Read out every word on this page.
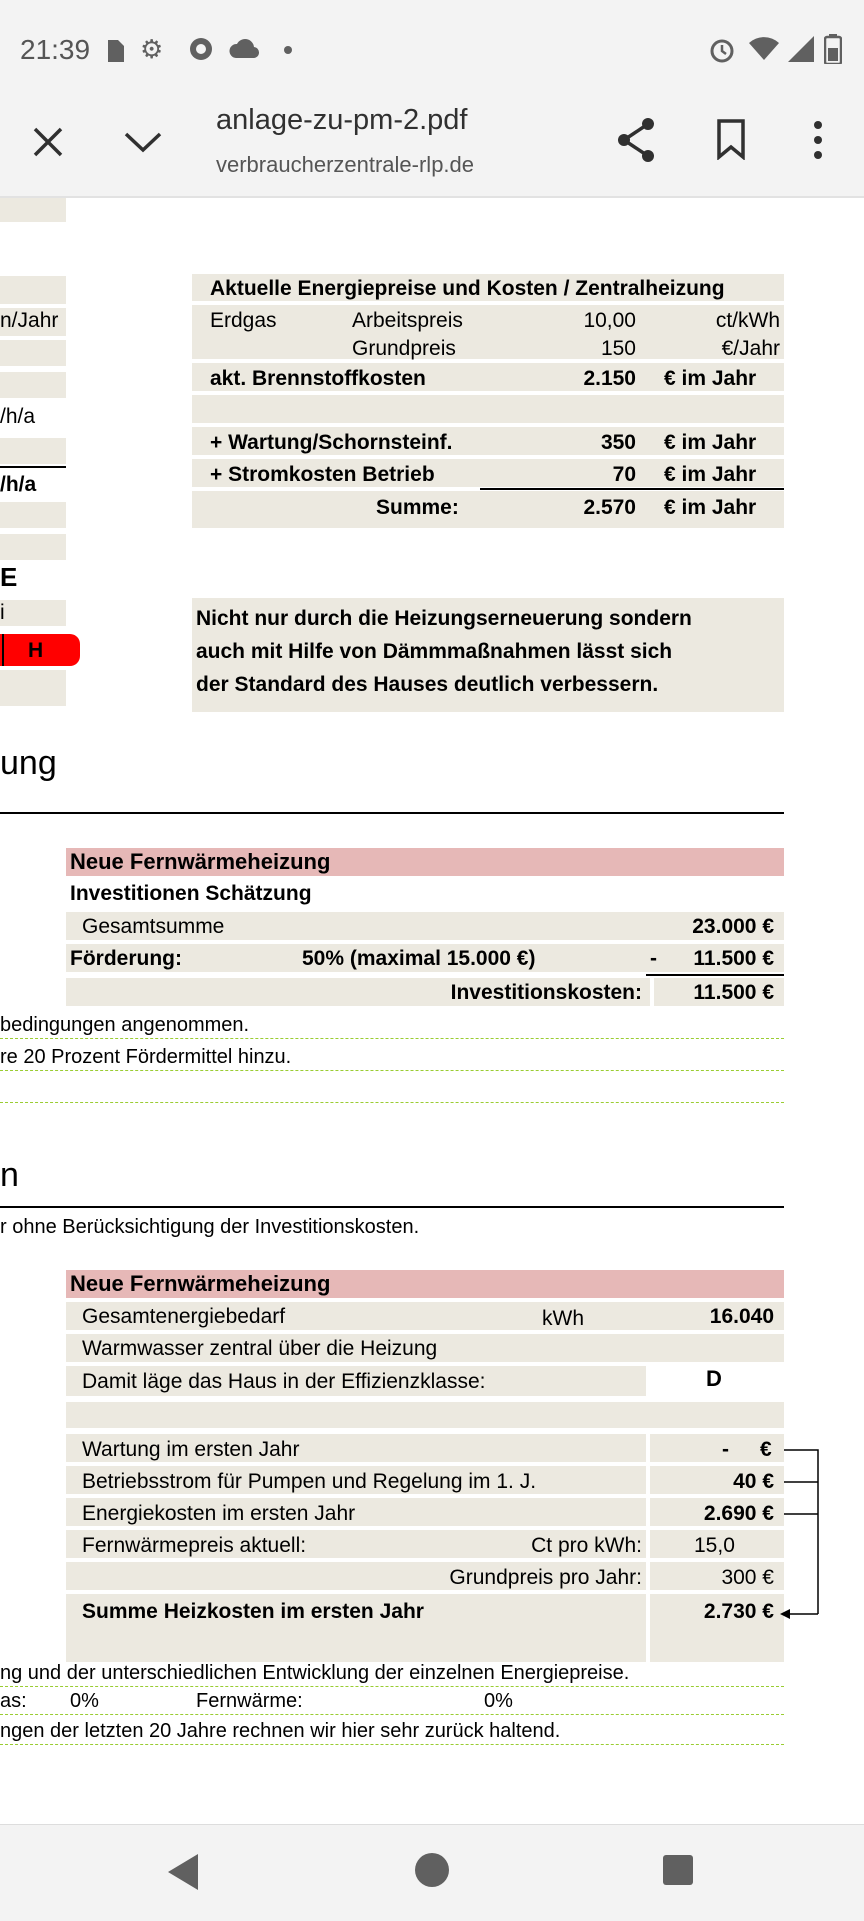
21:39 ⚙
anlage-zu-pm-2.pdf
verbraucherzentrale-rlp.de
n/Jahr
/h/a
/h/a
E
i
H
Aktuelle Energiepreise und Kosten / Zentralheizung
Erdgas	Arbeitspreis	10,00	ct/kWh
Grundpreis	150	€/Jahr
akt. Brennstoffkosten	2.150 € im Jahr
+ Wartung/Schornsteinf.	350 € im Jahr
+ Stromkosten Betrieb	70 € im Jahr
Summe:	2.570 € im Jahr
Nicht nur durch die Heizungserneuerung sondern
auch mit Hilfe von Dämmmaßnahmen lässt sich
der Standard des Hauses deutlich verbessern.
ung
Neue Fernwärmeheizung
Investitionen Schätzung
Gesamtsumme	23.000 €
Förderung:	50% (maximal 15.000 €)	-	11.500 €
Investitionskosten:	11.500 €
bedingungen angenommen.
re 20 Prozent Fördermittel hinzu.
n
r ohne Berücksichtigung der Investitionskosten.
Neue Fernwärmeheizung
Gesamtenergiebedarf	kWh	16.040
Warmwasser zentral über die Heizung
Damit läge das Haus in der Effizienzklasse:	D
Wartung im ersten Jahr	- €
Betriebsstrom für Pumpen und Regelung im 1. J.	40 €
Energiekosten im ersten Jahr	2.690 €
Fernwärmepreis aktuell:	Ct pro kWh: 15,0
Grundpreis pro Jahr:	300 €
Summe Heizkosten im ersten Jahr	2.730 €
ng und der unterschiedlichen Entwicklung der einzelnen Energiepreise.
as: 0%	Fernwärme:	0%
ngen der letzten 20 Jahre rechnen wir hier sehr zurück haltend.
